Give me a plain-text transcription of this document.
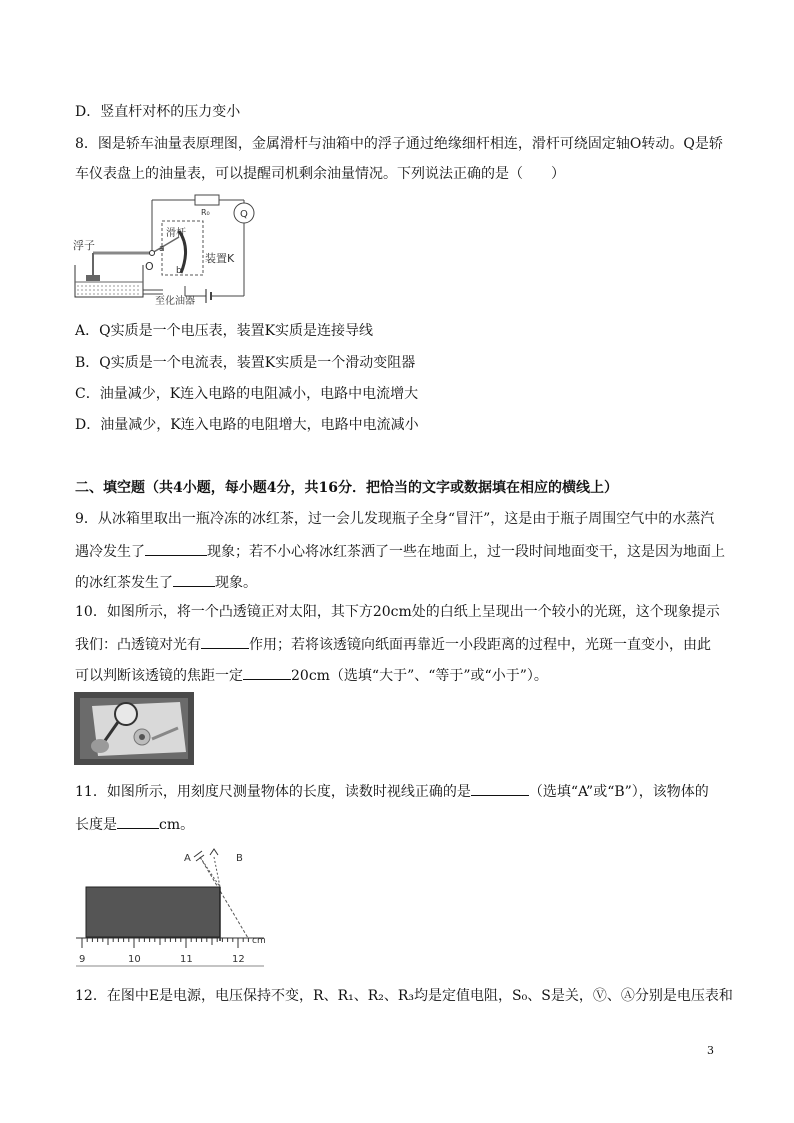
D．竖直杆对杯的压力变小
8．图是轿车油量表原理图，金属滑杆与油箱中的浮子通过绝缘细杆相连，滑杆可绕固定轴O转动。Q是轿
车仪表盘上的油量表，可以提醒司机剩余油量情况。下列说法正确的是（　　）
R₀	Q
浮子
O
滑杆
a
b
装置K
至化油器
A．Q实质是一个电压表，装置K实质是连接导线
B．Q实质是一个电流表，装置K实质是一个滑动变阻器
C．油量减少，K连入电路的电阻减小，电路中电流增大
D．油量减少，K连入电路的电阻增大，电路中电流减小
二、填空题（共4小题，每小题4分，共16分．把恰当的文字或数据填在相应的横线上）
9．从冰箱里取出一瓶冷冻的冰红茶，过一会儿发现瓶子全身“冒汗”，这是由于瓶子周围空气中的水蒸汽
遇冷发生了	现象；若不小心将冰红茶洒了一些在地面上，过一段时间地面变干，这是因为地面上
的冰红茶发生了	现象。
10．如图所示，将一个凸透镜正对太阳，其下方20cm处的白纸上呈现出一个较小的光斑，这个现象提示
我们：凸透镜对光有	作用；若将该透镜向纸面再靠近一小段距离的过程中，光斑一直变小，由此
可以判断该透镜的焦距一定	20cm（选填“大于”、“等于”或“小于”）。
11．如图所示，用刻度尺测量物体的长度，读数时视线正确的是	（选填“A”或“B”），该物体的
长度是	cm。
A	B
cm
9	10	11	12
12．在图中E是电源，电压保持不变，R、R₁、R₂、R₃均是定值电阻，S₀、S是关，Ⓥ、Ⓐ分别是电压表和
3
